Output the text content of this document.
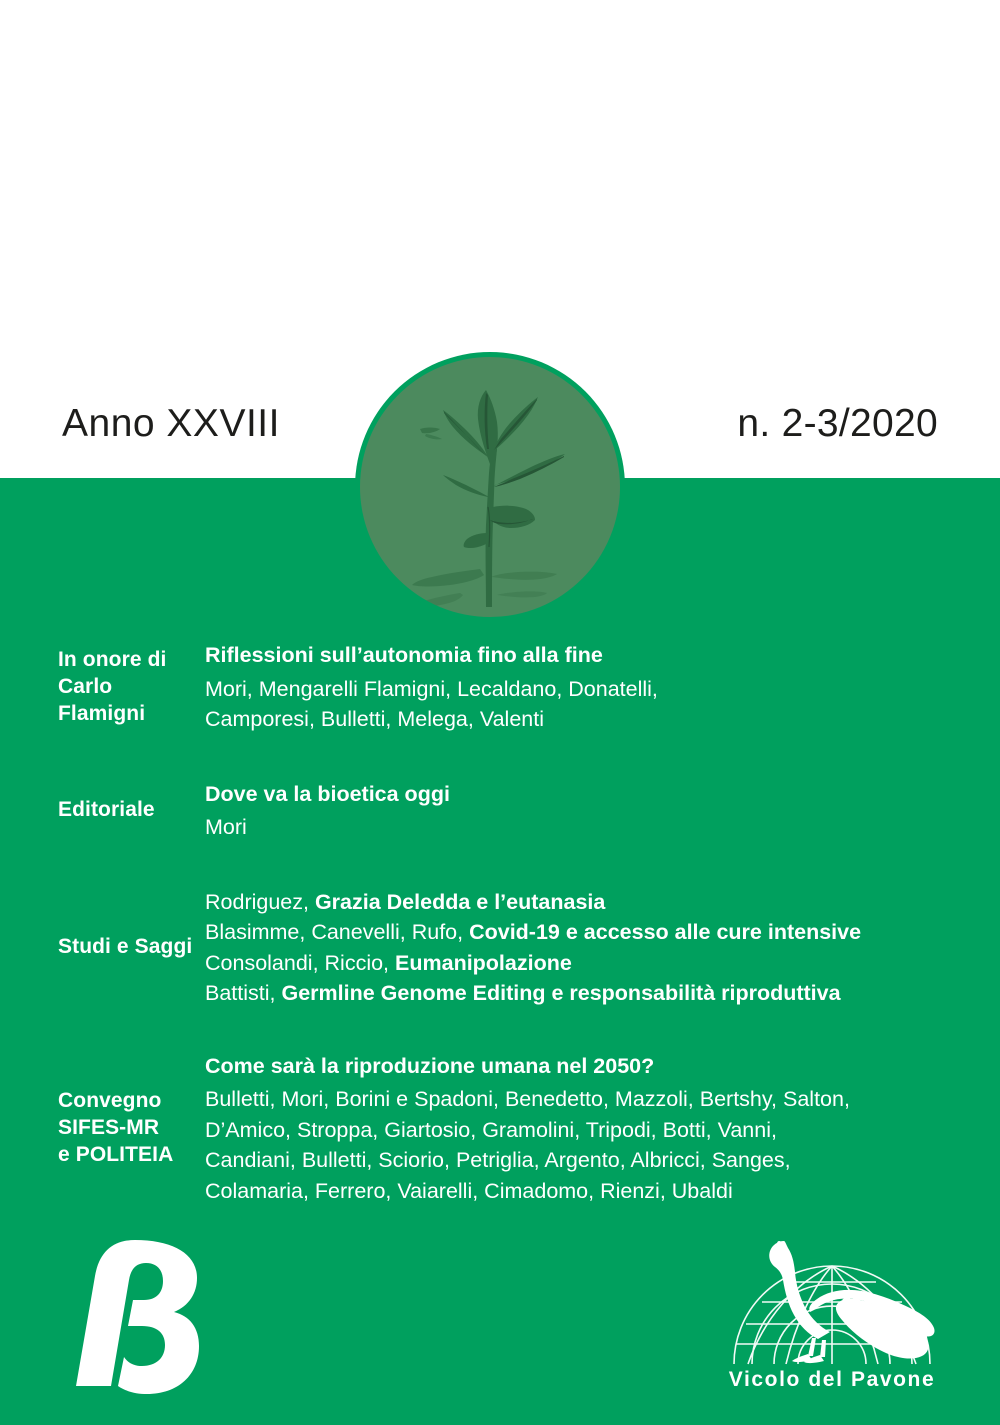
Anno XXVIII	n. 2-3/2020
In onore di
Carlo Flamigni
Riflessioni sull’autonomia fino alla fine
Mori, Mengarelli Flamigni, Lecaldano, Donatelli,
Camporesi, Bulletti, Melega, Valenti
Editoriale
Dove va la bioetica oggi
Mori
Studi e Saggi
Rodriguez, Grazia Deledda e l’eutanasia
Blasimme, Canevelli, Rufo, Covid-19 e accesso alle cure intensive
Consolandi, Riccio, Eumanipolazione
Battisti, Germline Genome Editing e responsabilità riproduttiva
Convegno
SIFES-MR
e POLITEIA
Come sarà la riproduzione umana nel 2050?
Bulletti, Mori, Borini e Spadoni, Benedetto, Mazzoli, Bertshy, Salton,
D’Amico, Stroppa, Giartosio, Gramolini, Tripodi, Botti, Vanni,
Candiani, Bulletti, Sciorio, Petriglia, Argento, Albricci, Sanges,
Colamaria, Ferrero, Vaiarelli, Cimadomo, Rienzi, Ubaldi
Vicolo del Pavone
